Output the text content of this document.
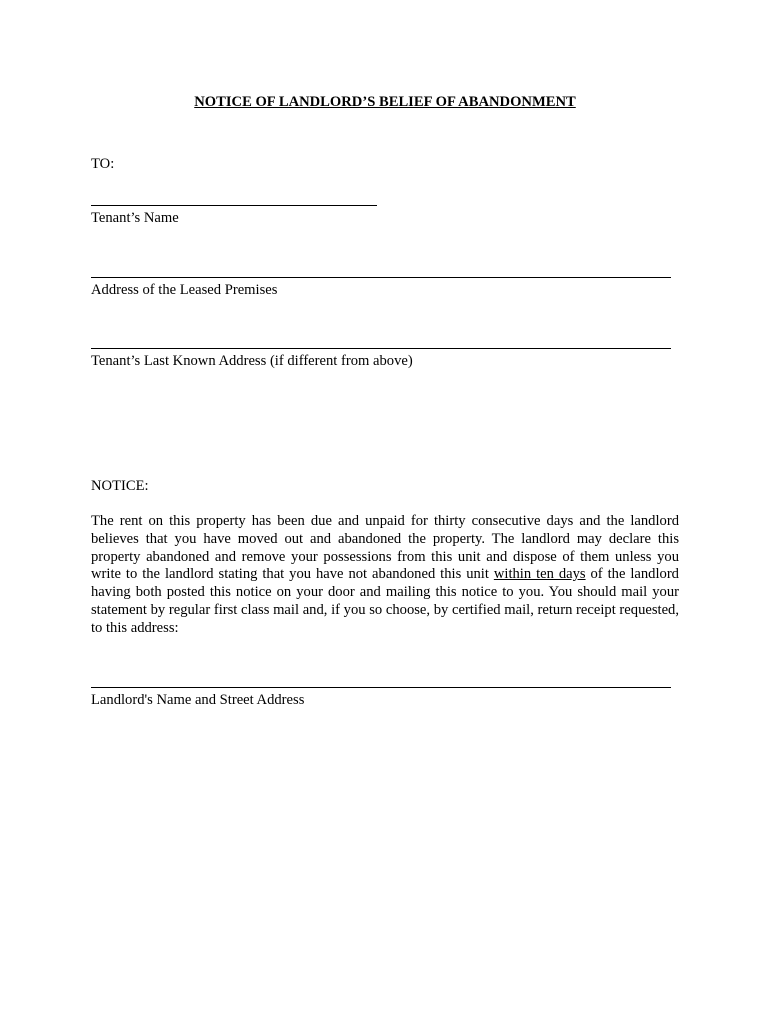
NOTICE OF LANDLORD’S BELIEF OF ABANDONMENT
TO:
Tenant’s Name
Address of the Leased Premises
Tenant’s Last Known Address (if different from above)
NOTICE:
The rent on this property has been due and unpaid for thirty consecutive days and the landlord believes that you have moved out and abandoned the property. The landlord may declare this property abandoned and remove your possessions from this unit and dispose of them unless you write to the landlord stating that you have not abandoned this unit within ten days of the landlord having both posted this notice on your door and mailing this notice to you. You should mail your statement by regular first class mail and, if you so choose, by certified mail, return receipt requested, to this address:
Landlord's Name and Street Address
